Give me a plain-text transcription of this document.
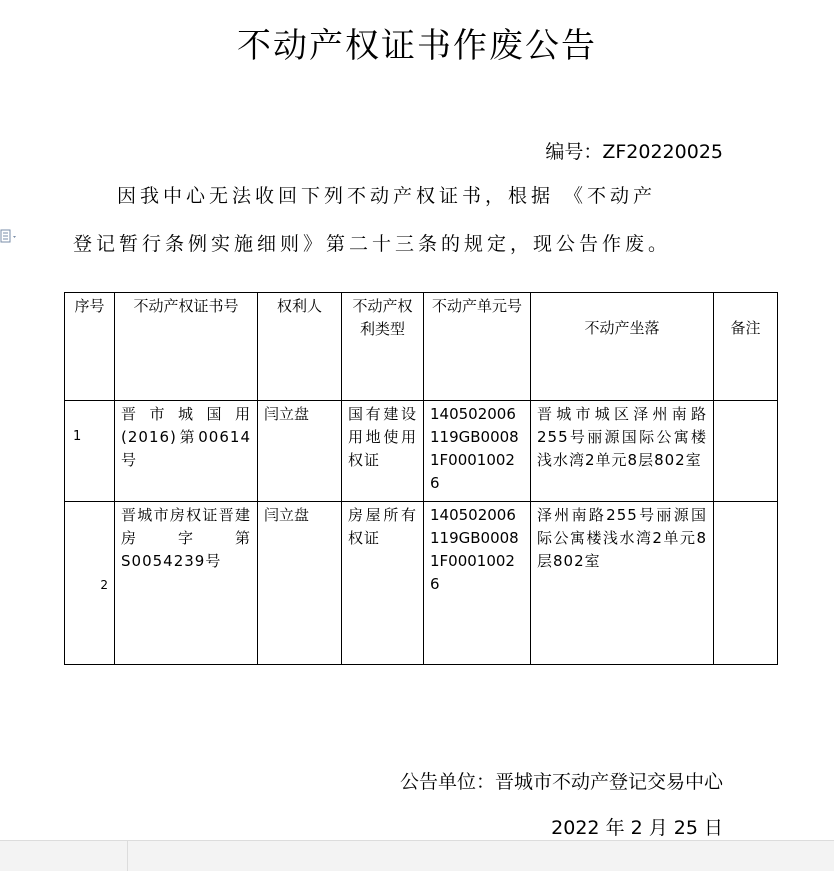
不动产权证书作废公告
编号：ZF20220025
因我中心无法收回下列不动产权证书，根据 《不动产
登记暂行条例实施细则》第二十三条的规定，现公告作废。
序号	不动产权证书号	权利人	不动产权利类型	不动产单元号	不动产坐落	备注
1	晋市城国用(2016)第00614号	闫立盘	国有建设用地使用权证	140502006119GB00081F00010026	晋城市城区泽州南路255号丽源国际公寓楼浅水湾2单元8层802室	
2	晋城市房权证晋建房字第S0054239号	闫立盘	房屋所有权证	140502006119GB00081F00010026	泽州南路255号丽源国际公寓楼浅水湾2单元8层802室	
公告单位：晋城市不动产登记交易中心
2022 年 2 月 25 日
